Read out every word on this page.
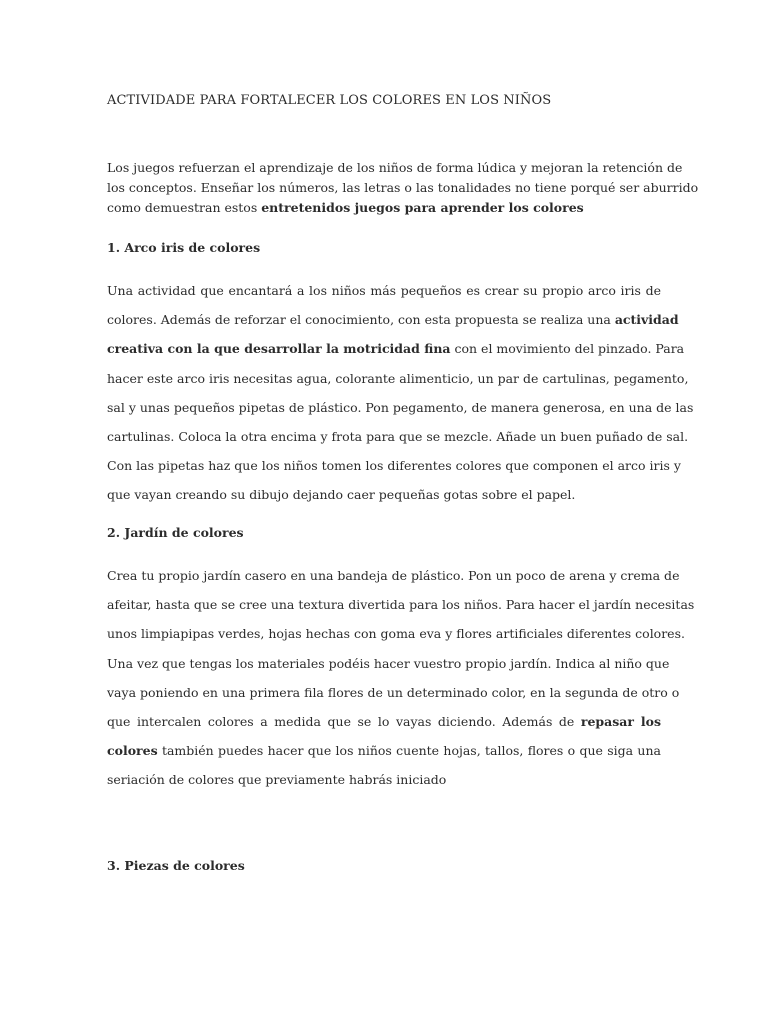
ACTIVIDADE PARA FORTALECER LOS COLORES EN LOS NIÑOS

Los juegos refuerzan el aprendizaje de los niños de forma lúdica y mejoran la retención de
los conceptos. Enseñar los números, las letras o las tonalidades no tiene porqué ser aburrido
como demuestran estos entretenidos juegos para aprender los colores

1. Arco iris de colores
Una actividad que encantará a los niños más pequeños es crear su propio arco iris de
colores. Además de reforzar el conocimiento, con esta propuesta se realiza una actividad
creativa con la que desarrollar la motricidad fina con el movimiento del pinzado. Para
hacer este arco iris necesitas agua, colorante alimenticio, un par de cartulinas, pegamento,
sal y unas pequeños pipetas de plástico. Pon pegamento, de manera generosa, en una de las
cartulinas. Coloca la otra encima y frota para que se mezcle. Añade un buen puñado de sal.
Con las pipetas haz que los niños tomen los diferentes colores que componen el arco iris y
que vayan creando su dibujo dejando caer pequeñas gotas sobre el papel.
2. Jardín de colores
Crea tu propio jardín casero en una bandeja de plástico. Pon un poco de arena y crema de
afeitar, hasta que se cree una textura divertida para los niños. Para hacer el jardín necesitas
unos limpiapipas verdes, hojas hechas con goma eva y flores artificiales diferentes colores.
Una vez que tengas los materiales podéis hacer vuestro propio jardín. Indica al niño que
vaya poniendo en una primera fila flores de un determinado color, en la segunda de otro o
que intercalen colores a medida que se lo vayas diciendo. Además de repasar los
colores también puedes hacer que los niños cuente hojas, tallos, flores o que siga una
seriación de colores que previamente habrás iniciado
3. Piezas de colores
